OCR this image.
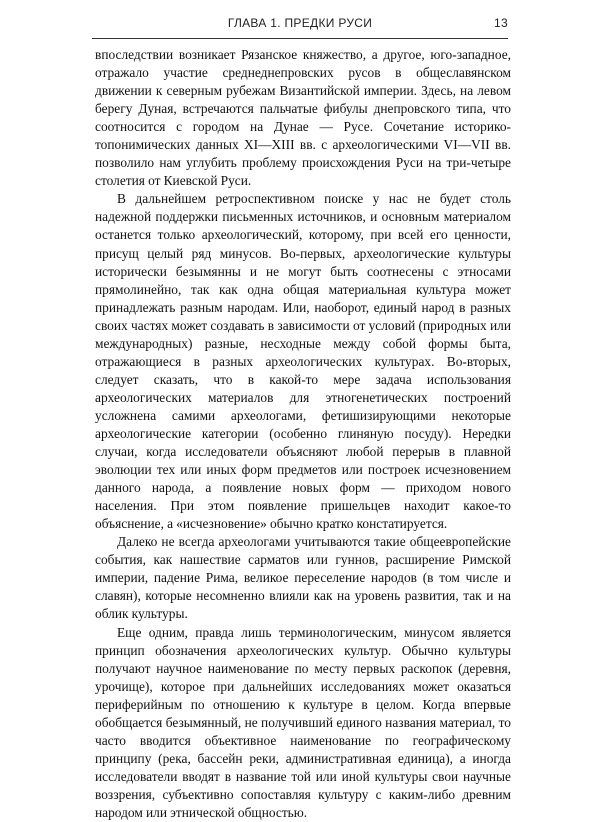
ГЛАВА 1. ПРЕДКИ РУСИ	13

впоследствии возникает Рязанское княжество, а другое, юго-западное, отражало участие среднеднепровских русов в общеславянском движении к северным рубежам Византийской империи. Здесь, на левом берегу Дуная, встречаются пальчатые фибулы днепровского типа, что соотносится с городом на Дунае — Русе. Сочетание историко-топонимических данных XI—XIII вв. с археологическими VI—VII вв. позволило нам углубить проблему происхождения Руси на три-четыре столетия от Киевской Руси.

В дальнейшем ретроспективном поиске у нас не будет столь надежной поддержки письменных источников, и основным материалом останется только археологический, которому, при всей его ценности, присущ целый ряд минусов. Во-первых, археологические культуры исторически безымянны и не могут быть соотнесены с этносами прямолинейно, так как одна общая материальная культура может принадлежать разным народам. Или, наоборот, единый народ в разных своих частях может создавать в зависимости от условий (природных или международных) разные, несходные между собой формы быта, отражающиеся в разных археологических культурах. Во-вторых, следует сказать, что в какой-то мере задача использования археологических материалов для этногенетических построений усложнена самими археологами, фетишизирующими некоторые археологические категории (особенно глиняную посуду). Нередки случаи, когда исследователи объясняют любой перерыв в плавной эволюции тех или иных форм предметов или построек исчезновением данного народа, а появление новых форм — приходом нового населения. При этом появление пришельцев находит какое-то объяснение, а «исчезновение» обычно кратко констатируется.

Далеко не всегда археологами учитываются такие общеевропейские события, как нашествие сарматов или гуннов, расширение Римской империи, падение Рима, великое переселение народов (в том числе и славян), которые несомненно влияли как на уровень развития, так и на облик культуры.

Еще одним, правда лишь терминологическим, минусом является принцип обозначения археологических культур. Обычно культуры получают научное наименование по месту первых раскопок (деревня, урочище), которое при дальнейших исследованиях может оказаться периферийным по отношению к культуре в целом. Когда впервые обобщается безымянный, не получивший единого названия материал, то часто вводится объективное наименование по географическому принципу (река, бассейн реки, административная единица), а иногда исследователи вводят в название той или иной культуры свои научные воззрения, субъективно сопоставляя культуру с каким-либо древним народом или этнической общностью.
